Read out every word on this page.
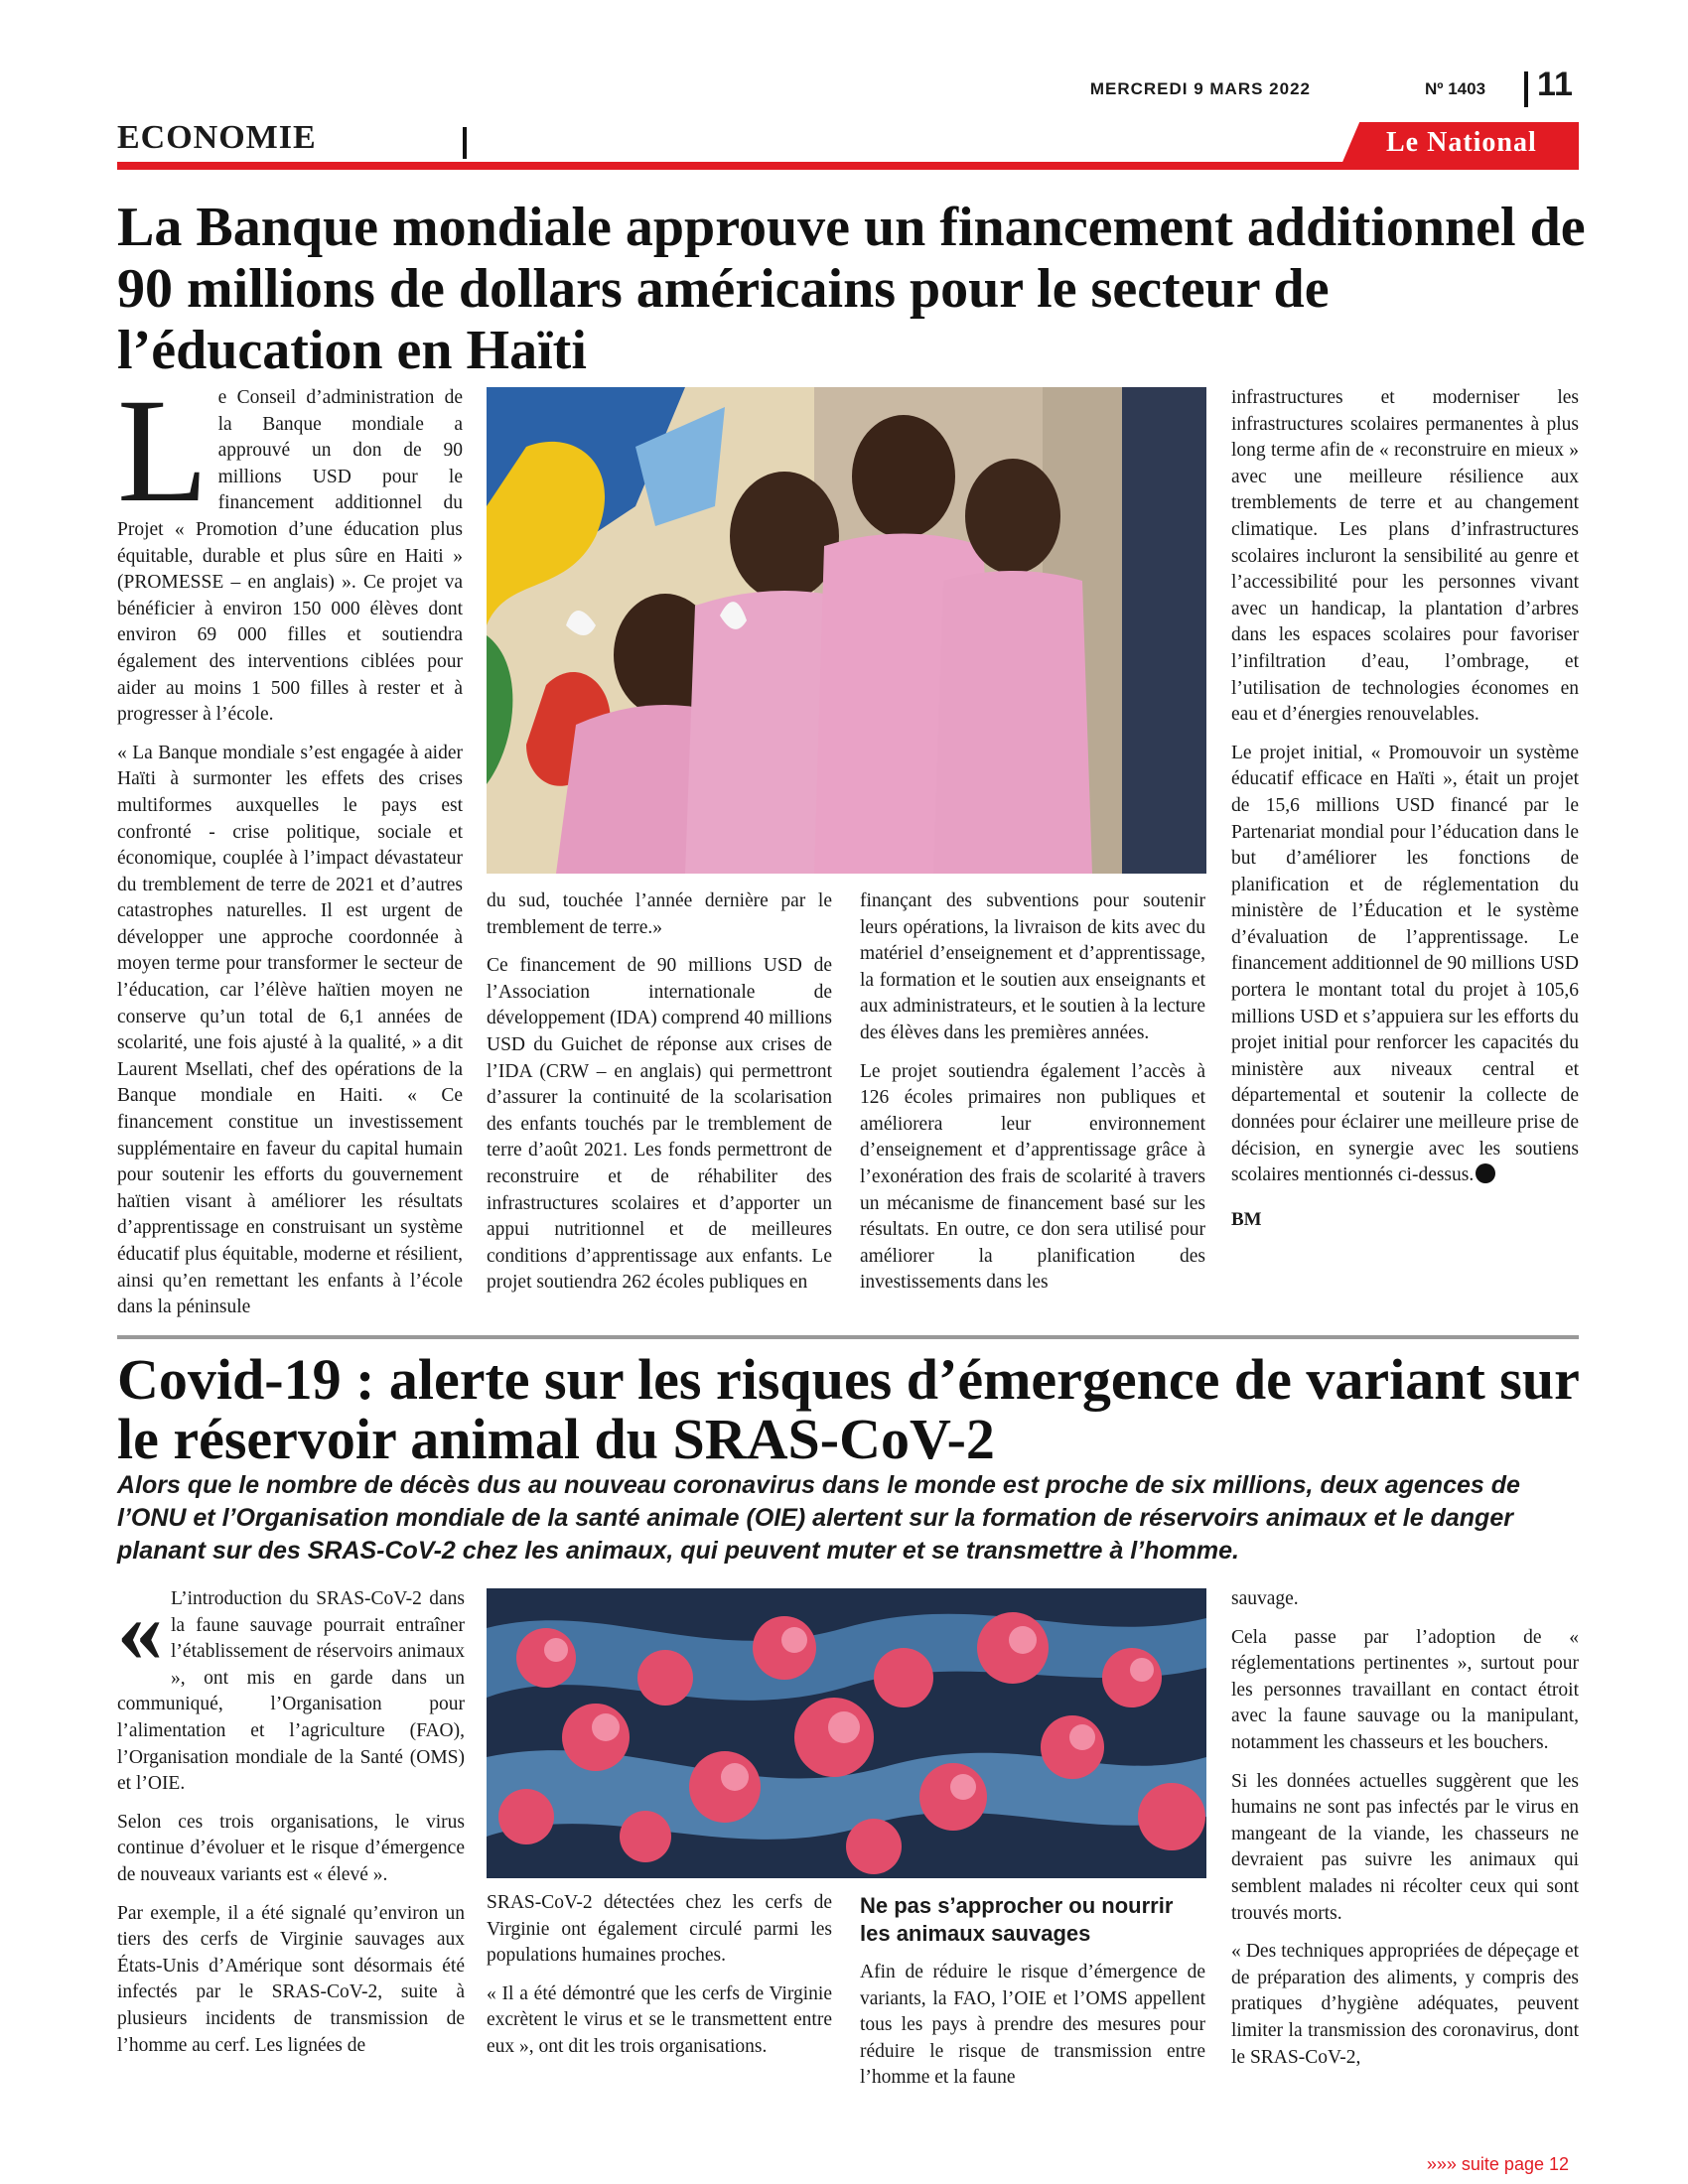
MERCREDI 9 MARS 2022	Nº 1403 11
ECONOMIE	Le National
La Banque mondiale approuve un financement additionnel de 90 millions de dollars américains pour le secteur de l’éducation en Haïti

Le Conseil d’administration de la Banque mondiale a approuvé un don de 90 millions USD pour le financement additionnel du Projet « Promotion d’une éducation plus équitable, durable et plus sûre en Haiti » (PROMESSE – en anglais) ». Ce projet va bénéficier à environ 150 000 élèves dont environ 69 000 filles et soutiendra également des interventions ciblées pour aider au moins 1 500 filles à rester et à progresser à l’école.

« La Banque mondiale s’est engagée à aider Haïti à surmonter les effets des crises multiformes auxquelles le pays est confronté - crise politique, sociale et économique, couplée à l’impact dévastateur du tremblement de terre de 2021 et d’autres catastrophes naturelles. Il est urgent de développer une approche coordonnée à moyen terme pour transformer le secteur de l’éducation, car l’élève haïtien moyen ne conserve qu’un total de 6,1 années de scolarité, une fois ajusté à la qualité, » a dit Laurent Msellati, chef des opérations de la Banque mondiale en Haiti. « Ce financement constitue un investissement supplémentaire en faveur du capital humain pour soutenir les efforts du gouvernement haïtien visant à améliorer les résultats d’apprentissage en construisant un système éducatif plus équitable, moderne et résilient, ainsi qu’en remettant les enfants à l’école dans la péninsule

du sud, touchée l’année dernière par le tremblement de terre.»

Ce financement de 90 millions USD de l’Association internationale de développement (IDA) comprend 40 millions USD du Guichet de réponse aux crises de l’IDA (CRW – en anglais) qui permettront d’assurer la continuité de la scolarisation des enfants touchés par le tremblement de terre d’août 2021. Les fonds permettront de reconstruire et de réhabiliter des infrastructures scolaires et d’apporter un appui nutritionnel et de meilleures conditions d’apprentissage aux enfants. Le projet soutiendra 262 écoles publiques en

finançant des subventions pour soutenir leurs opérations, la livraison de kits avec du matériel d’enseignement et d’apprentissage, la formation et le soutien aux enseignants et aux administrateurs, et le soutien à la lecture des élèves dans les premières années.

Le projet soutiendra également l’accès à 126 écoles primaires non publiques et améliorera leur environnement d’enseignement et d’apprentissage grâce à l’exonération des frais de scolarité à travers un mécanisme de financement basé sur les résultats. En outre, ce don sera utilisé pour améliorer la planification des investissements dans les

infrastructures et moderniser les infrastructures scolaires permanentes à plus long terme afin de « reconstruire en mieux » avec une meilleure résilience aux tremblements de terre et au changement climatique. Les plans d’infrastructures scolaires incluront la sensibilité au genre et l’accessibilité pour les personnes vivant avec un handicap, la plantation d’arbres dans les espaces scolaires pour favoriser l’infiltration d’eau, l’ombrage, et l’utilisation de technologies économes en eau et d’énergies renouvelables.

Le projet initial, « Promouvoir un système éducatif efficace en Haïti », était un projet de 15,6 millions USD financé par le Partenariat mondial pour l’éducation dans le but d’améliorer les fonctions de planification et de réglementation du ministère de l’Éducation et le système d’évaluation de l’apprentissage. Le financement additionnel de 90 millions USD portera le montant total du projet à 105,6 millions USD et s’appuiera sur les efforts du projet initial pour renforcer les capacités du ministère aux niveaux central et départemental et soutenir la collecte de données pour éclairer une meilleure prise de décision, en synergie avec les soutiens scolaires mentionnés ci-dessus.

BM

Covid-19 : alerte sur les risques d’émergence de variant sur le réservoir animal du SRAS-CoV-2
Alors que le nombre de décès dus au nouveau coronavirus dans le monde est proche de six millions, deux agences de l’ONU et l’Organisation mondiale de la santé animale (OIE) alertent sur la formation de réservoirs animaux et le danger planant sur des SRAS-CoV-2 chez les animaux, qui peuvent muter et se transmettre à l’homme.

« L’introduction du SRAS-CoV-2 dans la faune sauvage pourrait entraîner l’établissement de réservoirs animaux », ont mis en garde dans un communiqué, l’Organisation pour l’alimentation et l’agriculture (FAO), l’Organisation mondiale de la Santé (OMS) et l’OIE.

Selon ces trois organisations, le virus continue d’évoluer et le risque d’émergence de nouveaux variants est « élevé ».

Par exemple, il a été signalé qu’environ un tiers des cerfs de Virginie sauvages aux États-Unis d’Amérique sont désormais été infectés par le SRAS-CoV-2, suite à plusieurs incidents de transmission de l’homme au cerf. Les lignées de

SRAS-CoV-2 détectées chez les cerfs de Virginie ont également circulé parmi les populations humaines proches.

« Il a été démontré que les cerfs de Virginie excrètent le virus et se le transmettent entre eux », ont dit les trois organisations.

Ne pas s’approcher ou nourrir les animaux sauvages

Afin de réduire le risque d’émergence de variants, la FAO, l’OIE et l’OMS appellent tous les pays à prendre des mesures pour réduire le risque de transmission entre l’homme et la faune

sauvage.

Cela passe par l’adoption de « réglementations pertinentes », surtout pour les personnes travaillant en contact étroit avec la faune sauvage ou la manipulant, notamment les chasseurs et les bouchers.

Si les données actuelles suggèrent que les humains ne sont pas infectés par le virus en mangeant de la viande, les chasseurs ne devraient pas suivre les animaux qui semblent malades ni récolter ceux qui sont trouvés morts.

« Des techniques appropriées de dépeçage et de préparation des aliments, y compris des pratiques d’hygiène adéquates, peuvent limiter la transmission des coronavirus, dont le SRAS-CoV-2,

»»» suite page 12
